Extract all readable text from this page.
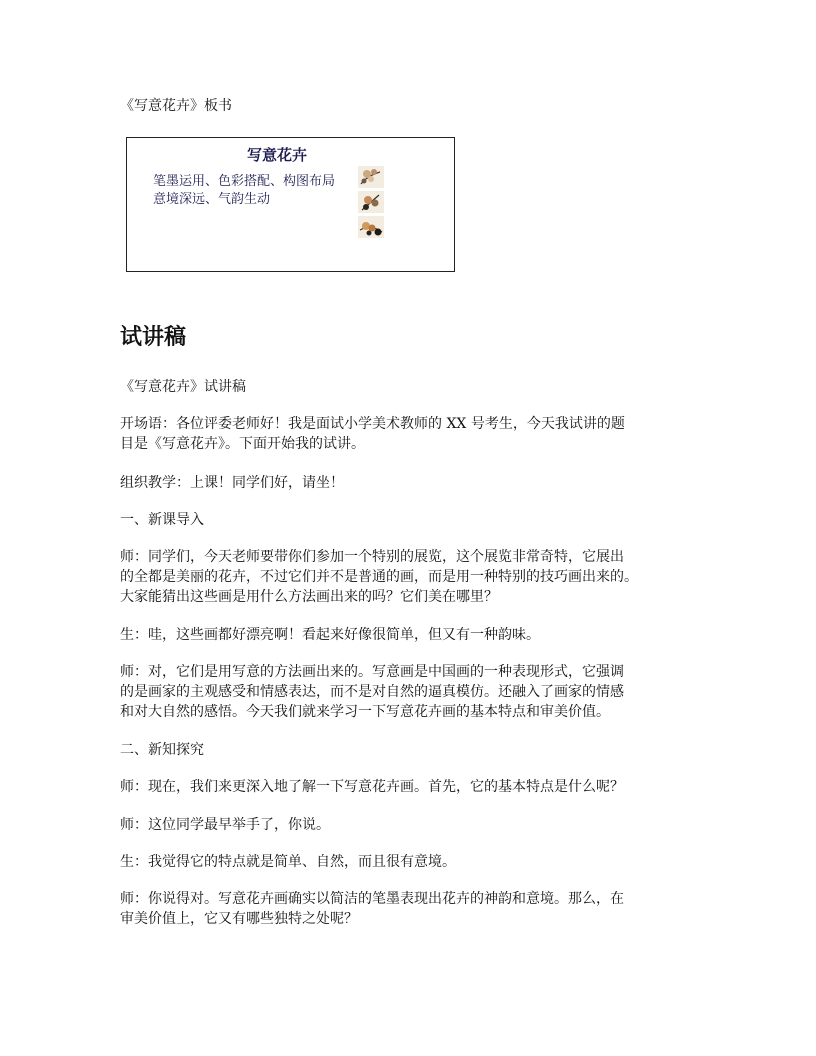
《写意花卉》板书
写意花卉
笔墨运用、色彩搭配、构图布局
意境深远、气韵生动
试讲稿
《写意花卉》试讲稿
开场语：各位评委老师好！我是面试小学美术教师的 XX 号考生，今天我试讲的题
目是《写意花卉》。下面开始我的试讲。
组织教学：上课！同学们好，请坐！
一、新课导入
师：同学们，今天老师要带你们参加一个特别的展览，这个展览非常奇特，它展出
的全都是美丽的花卉，不过它们并不是普通的画，而是用一种特别的技巧画出来的。
大家能猜出这些画是用什么方法画出来的吗？它们美在哪里？
生：哇，这些画都好漂亮啊！看起来好像很简单，但又有一种韵味。
师：对，它们是用写意的方法画出来的。写意画是中国画的一种表现形式，它强调
的是画家的主观感受和情感表达，而不是对自然的逼真模仿。还融入了画家的情感
和对大自然的感悟。今天我们就来学习一下写意花卉画的基本特点和审美价值。
二、新知探究
师：现在，我们来更深入地了解一下写意花卉画。首先，它的基本特点是什么呢？
师：这位同学最早举手了，你说。
生：我觉得它的特点就是简单、自然，而且很有意境。
师：你说得对。写意花卉画确实以简洁的笔墨表现出花卉的神韵和意境。那么，在
审美价值上，它又有哪些独特之处呢？
